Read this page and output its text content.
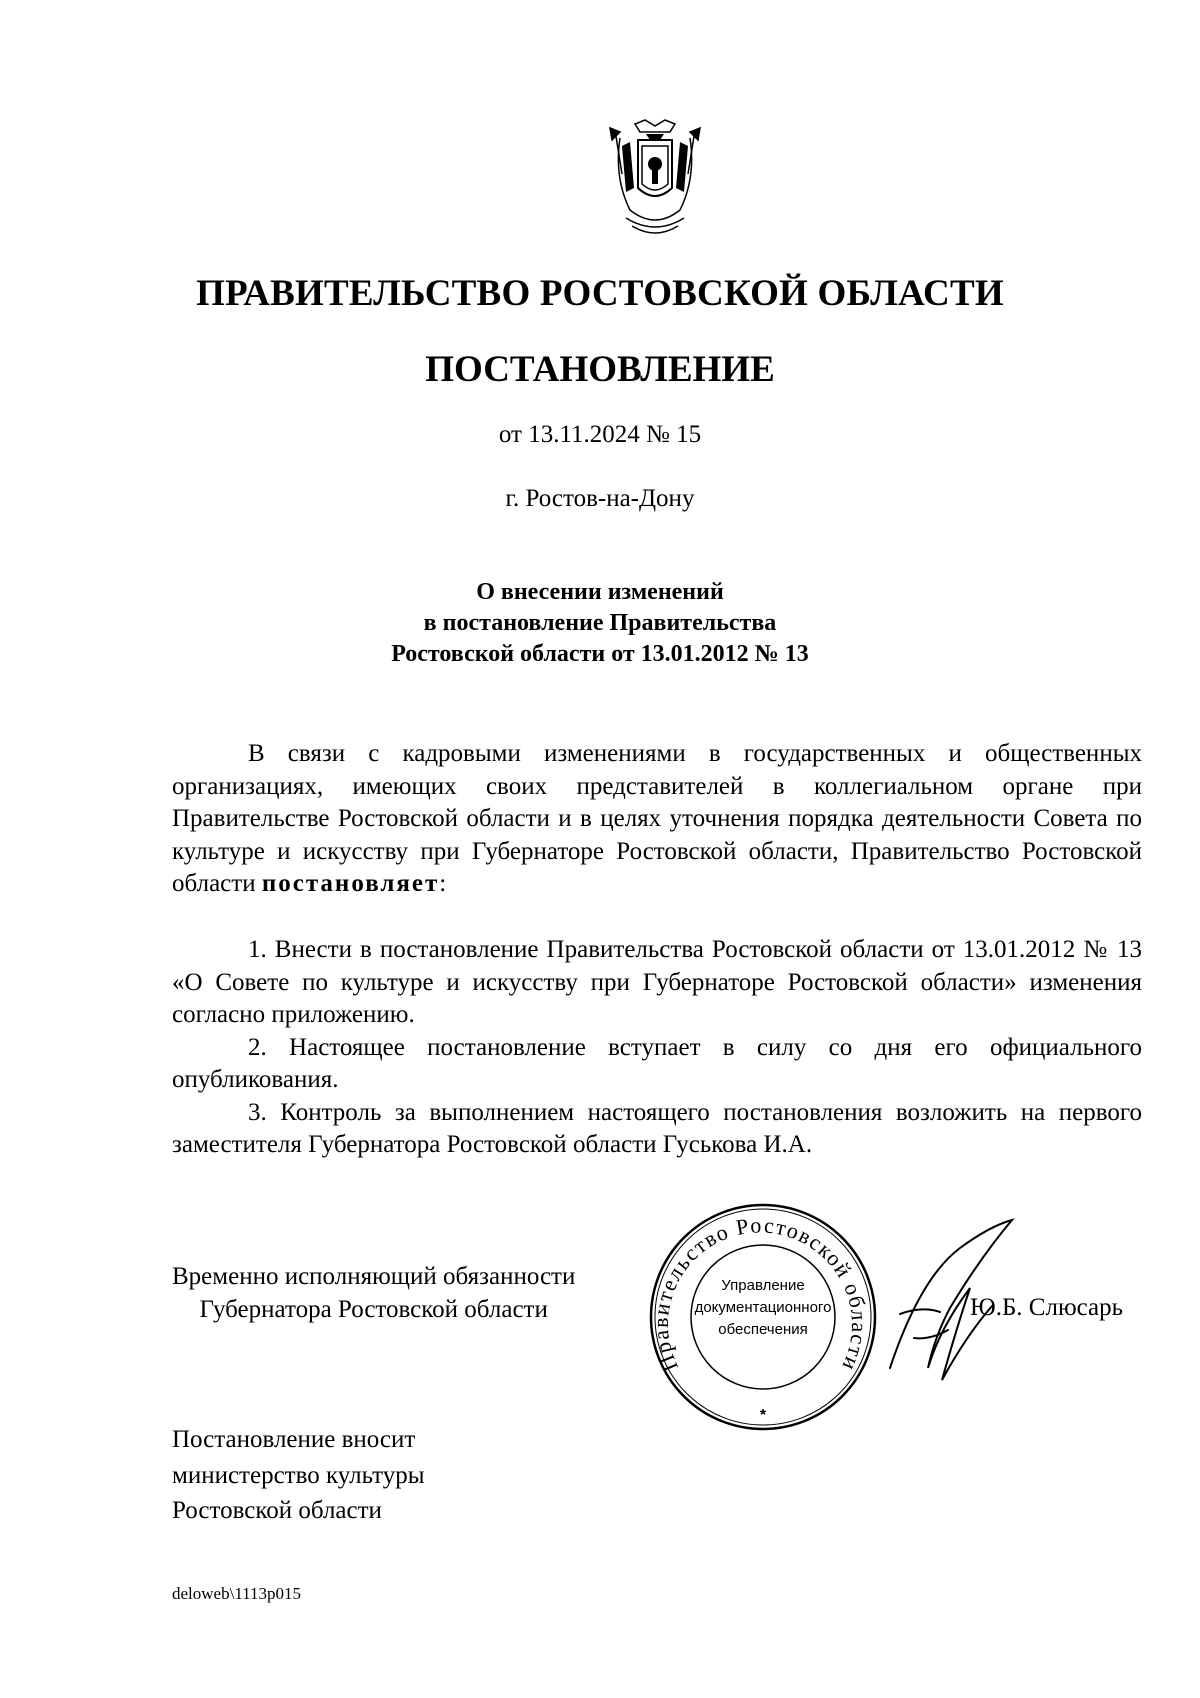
ПРАВИТЕЛЬСТВО РОСТОВСКОЙ ОБЛАСТИ
ПОСТАНОВЛЕНИЕ
от 13.11.2024 № 15
г. Ростов-на-Дону
О внесении изменений
в постановление Правительства
Ростовской области от 13.01.2012 № 13

В связи с кадровыми изменениями в государственных и общественных организациях, имеющих своих представителей в коллегиальном органе при Правительстве Ростовской области и в целях уточнения порядка деятельности Совета по культуре и искусству при Губернаторе Ростовской области, Правительство Ростовской области постановляет:

1. Внести в постановление Правительства Ростовской области от 13.01.2012 № 13 «О Совете по культуре и искусству при Губернаторе Ростовской области» изменения согласно приложению.

2. Настоящее постановление вступает в силу со дня его официального опубликования.

3. Контроль за выполнением настоящего постановления возложить на первого заместителя Губернатора Ростовской области Гуськова И.А.

Временно исполняющий обязанности
Губернатора Ростовской области
Правительство Ростовской области
Управление
документационного
обеспечения
*
Ю.Б. Слюсарь
Постановление вносит
министерство культуры
Ростовской области
deloweb\1113p015
